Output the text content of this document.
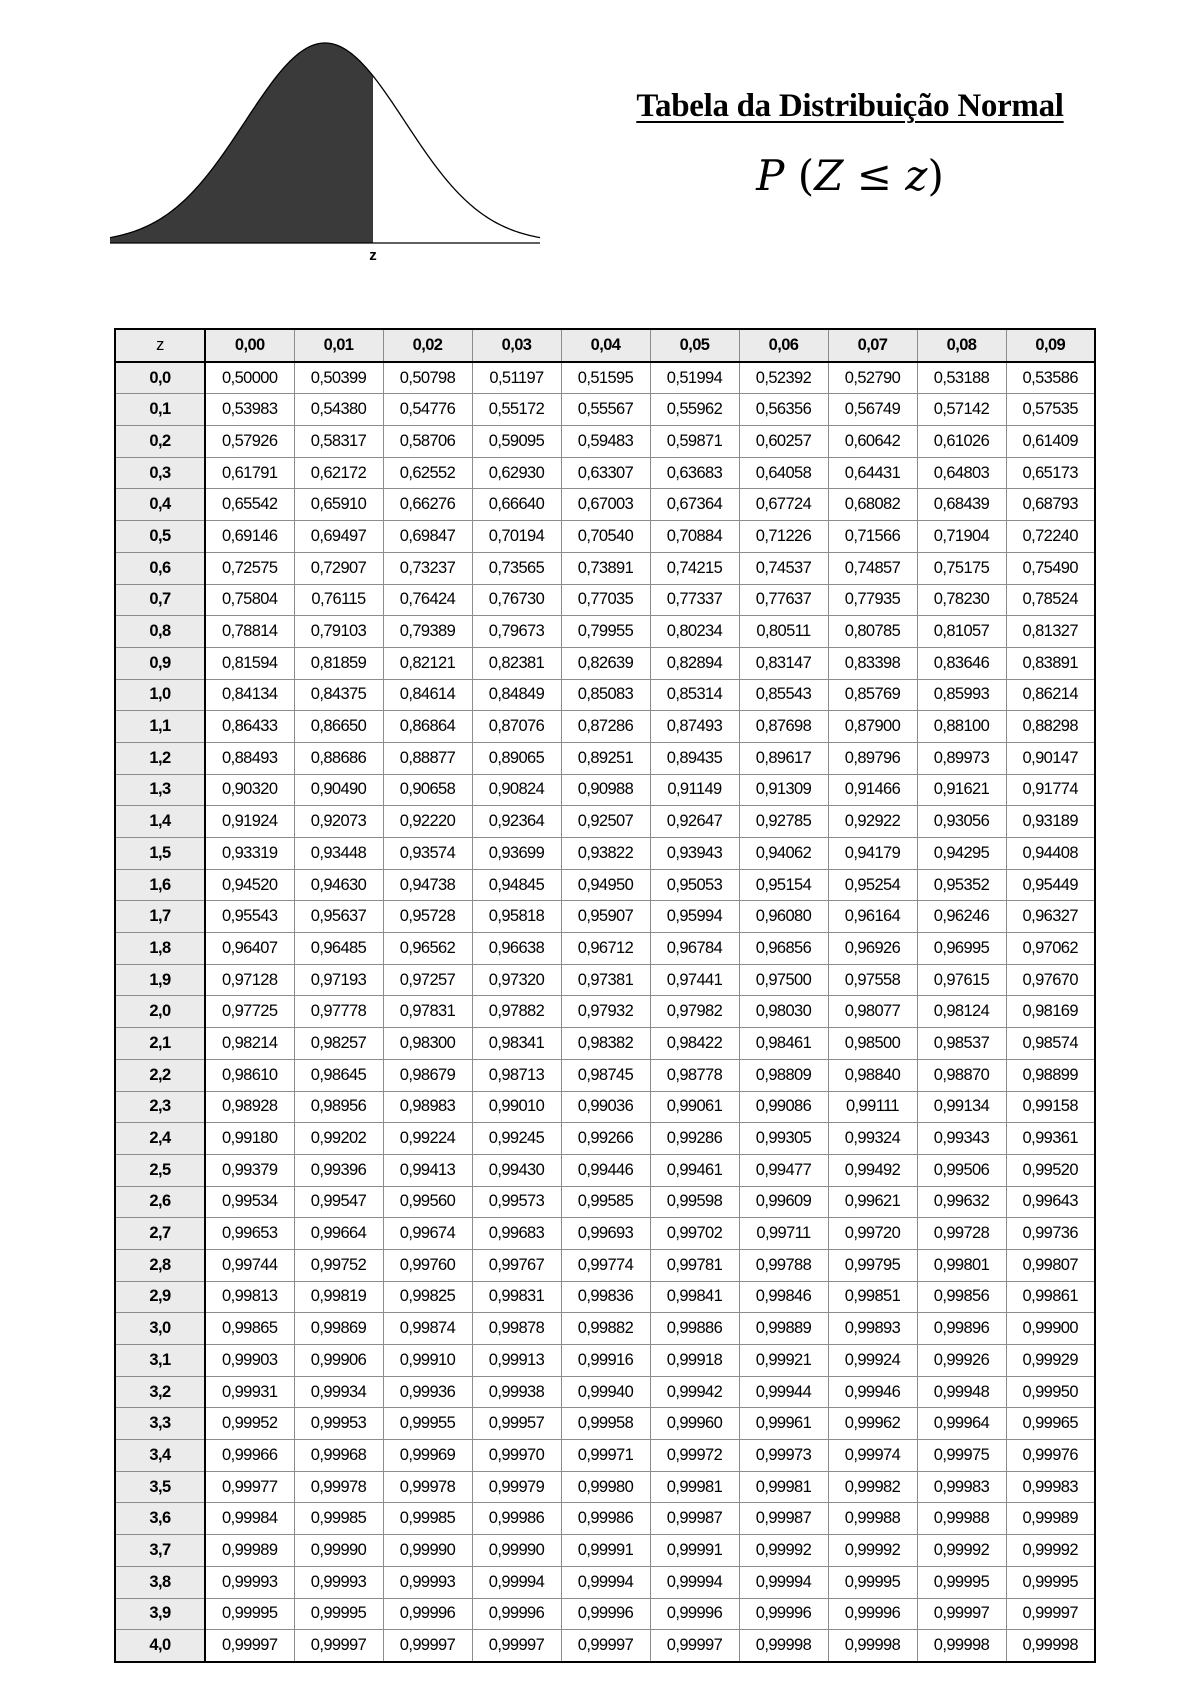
z
Tabela da Distribuição Normal
P (Z ≤ z)
z	0,00	0,01	0,02	0,03	0,04	0,05	0,06	0,07	0,08	0,09
0,0	0,50000	0,50399	0,50798	0,51197	0,51595	0,51994	0,52392	0,52790	0,53188	0,53586
0,1	0,53983	0,54380	0,54776	0,55172	0,55567	0,55962	0,56356	0,56749	0,57142	0,57535
0,2	0,57926	0,58317	0,58706	0,59095	0,59483	0,59871	0,60257	0,60642	0,61026	0,61409
0,3	0,61791	0,62172	0,62552	0,62930	0,63307	0,63683	0,64058	0,64431	0,64803	0,65173
0,4	0,65542	0,65910	0,66276	0,66640	0,67003	0,67364	0,67724	0,68082	0,68439	0,68793
0,5	0,69146	0,69497	0,69847	0,70194	0,70540	0,70884	0,71226	0,71566	0,71904	0,72240
0,6	0,72575	0,72907	0,73237	0,73565	0,73891	0,74215	0,74537	0,74857	0,75175	0,75490
0,7	0,75804	0,76115	0,76424	0,76730	0,77035	0,77337	0,77637	0,77935	0,78230	0,78524
0,8	0,78814	0,79103	0,79389	0,79673	0,79955	0,80234	0,80511	0,80785	0,81057	0,81327
0,9	0,81594	0,81859	0,82121	0,82381	0,82639	0,82894	0,83147	0,83398	0,83646	0,83891
1,0	0,84134	0,84375	0,84614	0,84849	0,85083	0,85314	0,85543	0,85769	0,85993	0,86214
1,1	0,86433	0,86650	0,86864	0,87076	0,87286	0,87493	0,87698	0,87900	0,88100	0,88298
1,2	0,88493	0,88686	0,88877	0,89065	0,89251	0,89435	0,89617	0,89796	0,89973	0,90147
1,3	0,90320	0,90490	0,90658	0,90824	0,90988	0,91149	0,91309	0,91466	0,91621	0,91774
1,4	0,91924	0,92073	0,92220	0,92364	0,92507	0,92647	0,92785	0,92922	0,93056	0,93189
1,5	0,93319	0,93448	0,93574	0,93699	0,93822	0,93943	0,94062	0,94179	0,94295	0,94408
1,6	0,94520	0,94630	0,94738	0,94845	0,94950	0,95053	0,95154	0,95254	0,95352	0,95449
1,7	0,95543	0,95637	0,95728	0,95818	0,95907	0,95994	0,96080	0,96164	0,96246	0,96327
1,8	0,96407	0,96485	0,96562	0,96638	0,96712	0,96784	0,96856	0,96926	0,96995	0,97062
1,9	0,97128	0,97193	0,97257	0,97320	0,97381	0,97441	0,97500	0,97558	0,97615	0,97670
2,0	0,97725	0,97778	0,97831	0,97882	0,97932	0,97982	0,98030	0,98077	0,98124	0,98169
2,1	0,98214	0,98257	0,98300	0,98341	0,98382	0,98422	0,98461	0,98500	0,98537	0,98574
2,2	0,98610	0,98645	0,98679	0,98713	0,98745	0,98778	0,98809	0,98840	0,98870	0,98899
2,3	0,98928	0,98956	0,98983	0,99010	0,99036	0,99061	0,99086	0,99111	0,99134	0,99158
2,4	0,99180	0,99202	0,99224	0,99245	0,99266	0,99286	0,99305	0,99324	0,99343	0,99361
2,5	0,99379	0,99396	0,99413	0,99430	0,99446	0,99461	0,99477	0,99492	0,99506	0,99520
2,6	0,99534	0,99547	0,99560	0,99573	0,99585	0,99598	0,99609	0,99621	0,99632	0,99643
2,7	0,99653	0,99664	0,99674	0,99683	0,99693	0,99702	0,99711	0,99720	0,99728	0,99736
2,8	0,99744	0,99752	0,99760	0,99767	0,99774	0,99781	0,99788	0,99795	0,99801	0,99807
2,9	0,99813	0,99819	0,99825	0,99831	0,99836	0,99841	0,99846	0,99851	0,99856	0,99861
3,0	0,99865	0,99869	0,99874	0,99878	0,99882	0,99886	0,99889	0,99893	0,99896	0,99900
3,1	0,99903	0,99906	0,99910	0,99913	0,99916	0,99918	0,99921	0,99924	0,99926	0,99929
3,2	0,99931	0,99934	0,99936	0,99938	0,99940	0,99942	0,99944	0,99946	0,99948	0,99950
3,3	0,99952	0,99953	0,99955	0,99957	0,99958	0,99960	0,99961	0,99962	0,99964	0,99965
3,4	0,99966	0,99968	0,99969	0,99970	0,99971	0,99972	0,99973	0,99974	0,99975	0,99976
3,5	0,99977	0,99978	0,99978	0,99979	0,99980	0,99981	0,99981	0,99982	0,99983	0,99983
3,6	0,99984	0,99985	0,99985	0,99986	0,99986	0,99987	0,99987	0,99988	0,99988	0,99989
3,7	0,99989	0,99990	0,99990	0,99990	0,99991	0,99991	0,99992	0,99992	0,99992	0,99992
3,8	0,99993	0,99993	0,99993	0,99994	0,99994	0,99994	0,99994	0,99995	0,99995	0,99995
3,9	0,99995	0,99995	0,99996	0,99996	0,99996	0,99996	0,99996	0,99996	0,99997	0,99997
4,0	0,99997	0,99997	0,99997	0,99997	0,99997	0,99997	0,99998	0,99998	0,99998	0,99998
